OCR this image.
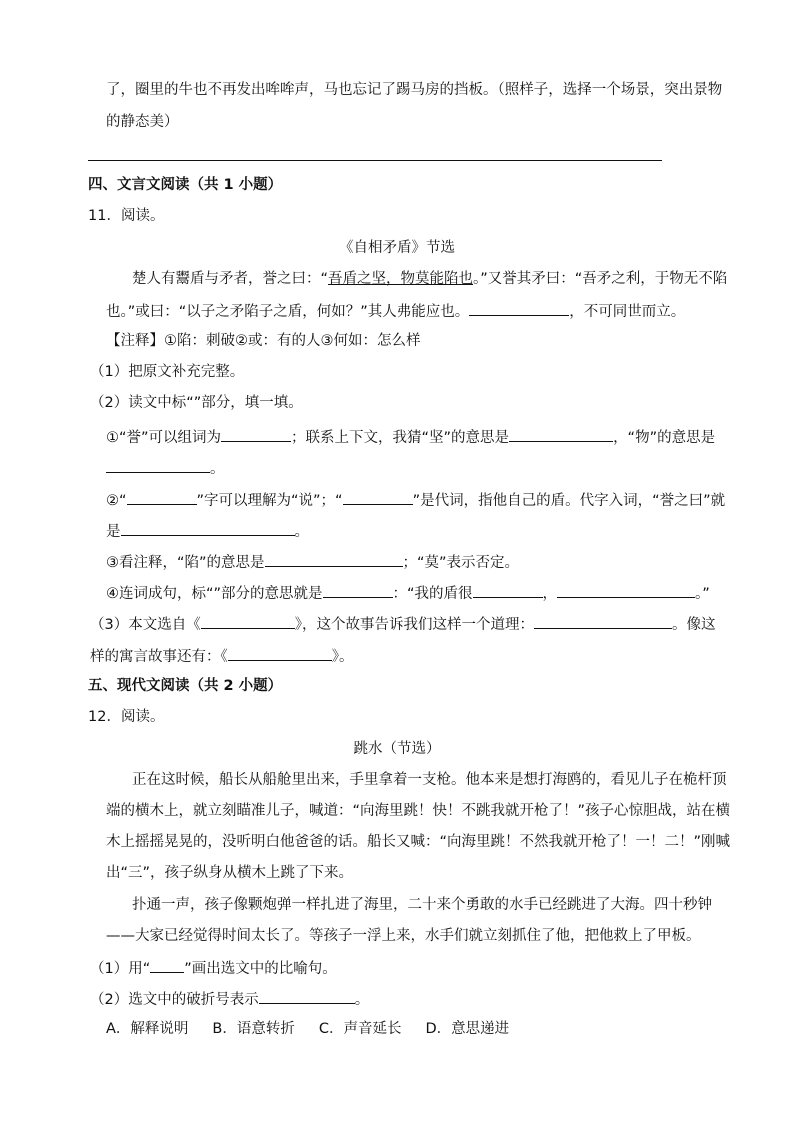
了，圈里的牛也不再发出哞哞声，马也忘记了踢马房的挡板。（照样子，选择一个场景，突出景物
的静态美）
四、文言文阅读（共 1 小题）
11．阅读。
《自相矛盾》节选
楚人有鬻盾与矛者，誉之曰：“吾盾之坚，物莫能陷也。”又誉其矛曰：“吾矛之利，于物无不陷
也。”或曰：“以子之矛陷子之盾，何如？”其人弗能应也。	，不可同世而立。
【注释】①陷：刺破②或：有的人③何如：怎么样
（1）把原文补充完整。
（2）读文中标“”部分，填一填。
①“誉”可以组词为	；联系上下文，我猜“坚”的意思是	，“物”的意思是
。
②“	”字可以理解为“说”；“	”是代词，指他自己的盾。代字入词，“誉之曰”就
是	。
③看注释，“陷”的意思是	；“莫”表示否定。
④连词成句，标“”部分的意思就是	：“我的盾很	，	。”
（3）本文选自《	》，这个故事告诉我们这样一个道理：	。像这
样的寓言故事还有：《	》。
五、现代文阅读（共 2 小题）
12．阅读。
跳水（节选）
正在这时候，船长从船舱里出来，手里拿着一支枪。他本来是想打海鸥的，看见儿子在桅杆顶
端的横木上，就立刻瞄准儿子，喊道：“向海里跳！快！不跳我就开枪了！”孩子心惊胆战，站在横
木上摇摇晃晃的，没听明白他爸爸的话。船长又喊：“向海里跳！不然我就开枪了！一！二！”刚喊
出“三”，孩子纵身从横木上跳了下来。
扑通一声，孩子像颗炮弹一样扎进了海里，二十来个勇敢的水手已经跳进了大海。四十秒钟
——大家已经觉得时间太长了。等孩子一浮上来，水手们就立刻抓住了他，把他救上了甲板。
（1）用“ ”画出选文中的比喻句。
（2）选文中的破折号表示	。
A．解释说明 B．语意转折 C．声音延长 D．意思递进
